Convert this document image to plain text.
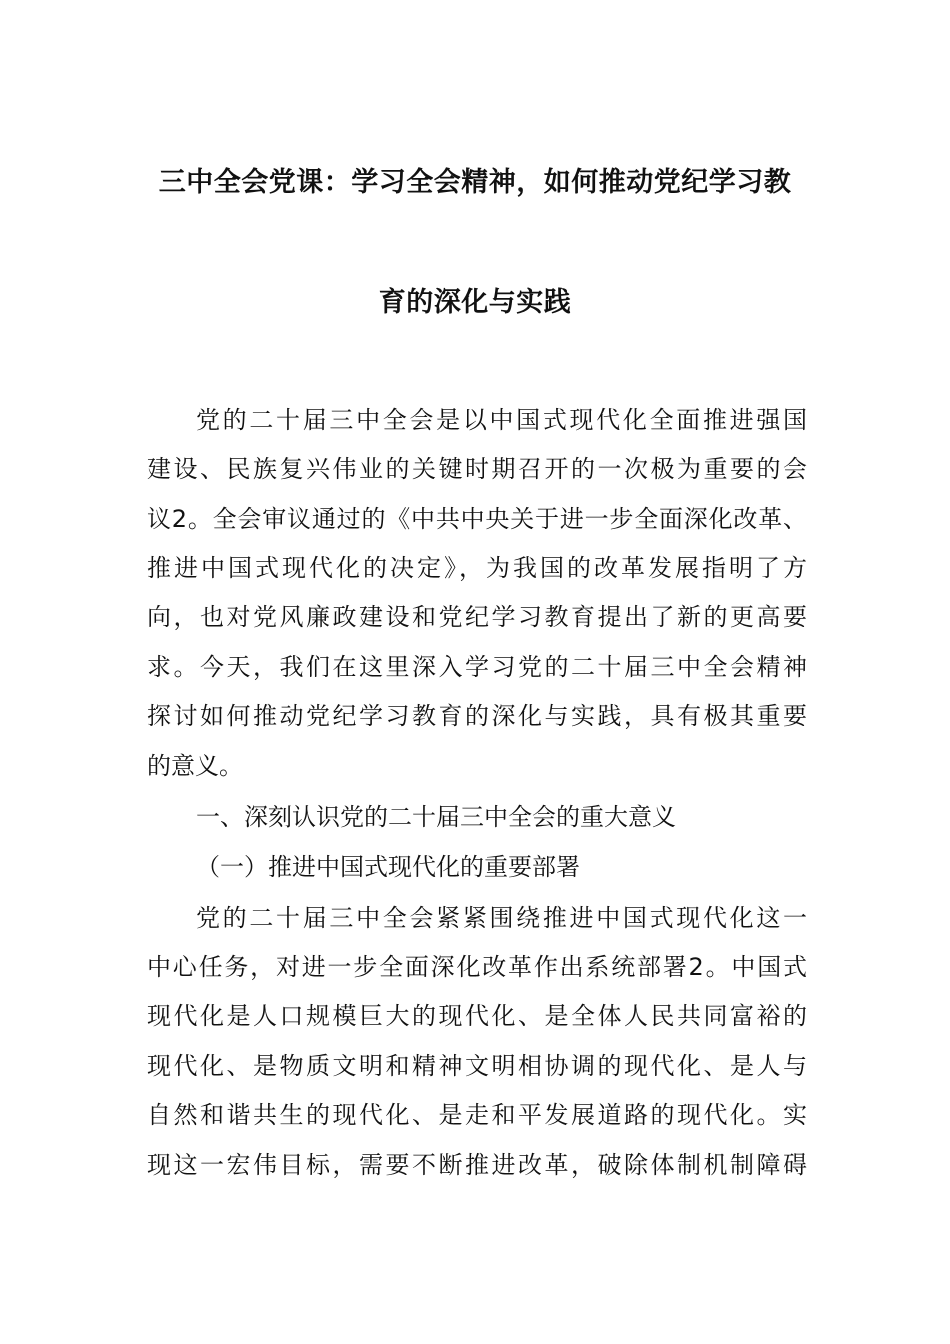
三中全会党课：学习全会精神，如何推动党纪学习教
育的深化与实践
党的二十届三中全会是以中国式现代化全面推进强国
建设、民族复兴伟业的关键时期召开的一次极为重要的会
议2。全会审议通过的《中共中央关于进一步全面深化改革、
推进中国式现代化的决定》，为我国的改革发展指明了方
向，也对党风廉政建设和党纪学习教育提出了新的更高要
求。今天，我们在这里深入学习党的二十届三中全会精神
探讨如何推动党纪学习教育的深化与实践，具有极其重要
的意义。
一、深刻认识党的二十届三中全会的重大意义
（一）推进中国式现代化的重要部署
党的二十届三中全会紧紧围绕推进中国式现代化这一
中心任务，对进一步全面深化改革作出系统部署2。中国式
现代化是人口规模巨大的现代化、是全体人民共同富裕的
现代化、是物质文明和精神文明相协调的现代化、是人与
自然和谐共生的现代化、是走和平发展道路的现代化。实
现这一宏伟目标，需要不断推进改革，破除体制机制障碍
